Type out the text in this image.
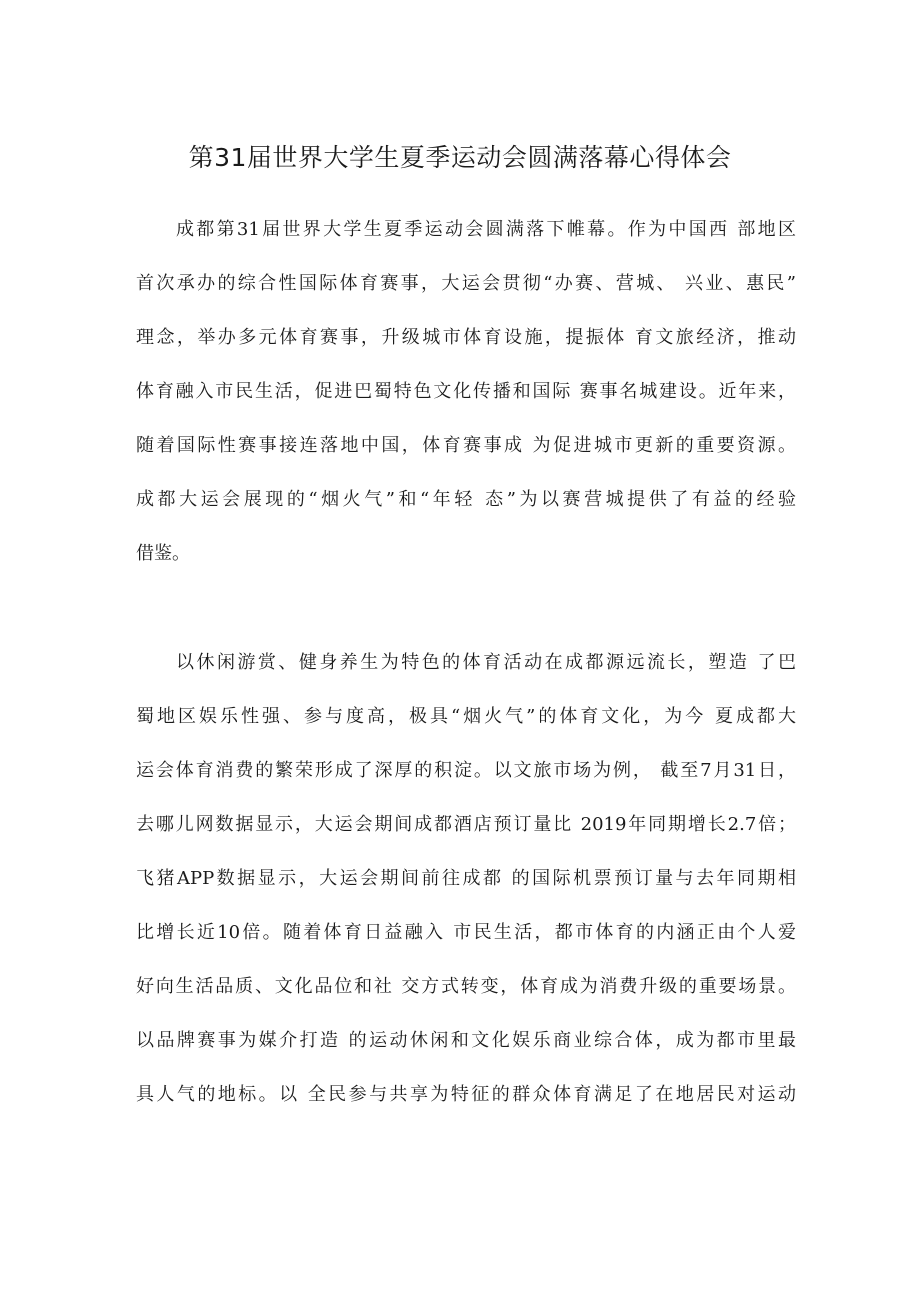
第31届世界大学生夏季运动会圆满落幕心得体会
成都第31届世界大学生夏季运动会圆满落下帷幕。作为中国西 部地区
首次承办的综合性国际体育赛事，大运会贯彻“办赛、营城、 兴业、惠民”
理念，举办多元体育赛事，升级城市体育设施，提振体 育文旅经济，推动
体育融入市民生活，促进巴蜀特色文化传播和国际 赛事名城建设。近年来，
随着国际性赛事接连落地中国，体育赛事成 为促进城市更新的重要资源。
成都大运会展现的“烟火气”和“年轻 态”为以赛营城提供了有益的经验
借鉴。
以休闲游赏、健身养生为特色的体育活动在成都源远流长，塑造 了巴
蜀地区娱乐性强、参与度高，极具“烟火气”的体育文化，为今 夏成都大
运会体育消费的繁荣形成了深厚的积淀。以文旅市场为例， 截至7月31日，
去哪儿网数据显示，大运会期间成都酒店预订量比 2019年同期增长2.7倍；
飞猪APP数据显示，大运会期间前往成都 的国际机票预订量与去年同期相
比增长近10倍。随着体育日益融入 市民生活，都市体育的内涵正由个人爱
好向生活品质、文化品位和社 交方式转变，体育成为消费升级的重要场景。
以品牌赛事为媒介打造 的运动休闲和文化娱乐商业综合体，成为都市里最
具人气的地标。以 全民参与共享为特征的群众体育满足了在地居民对运动
